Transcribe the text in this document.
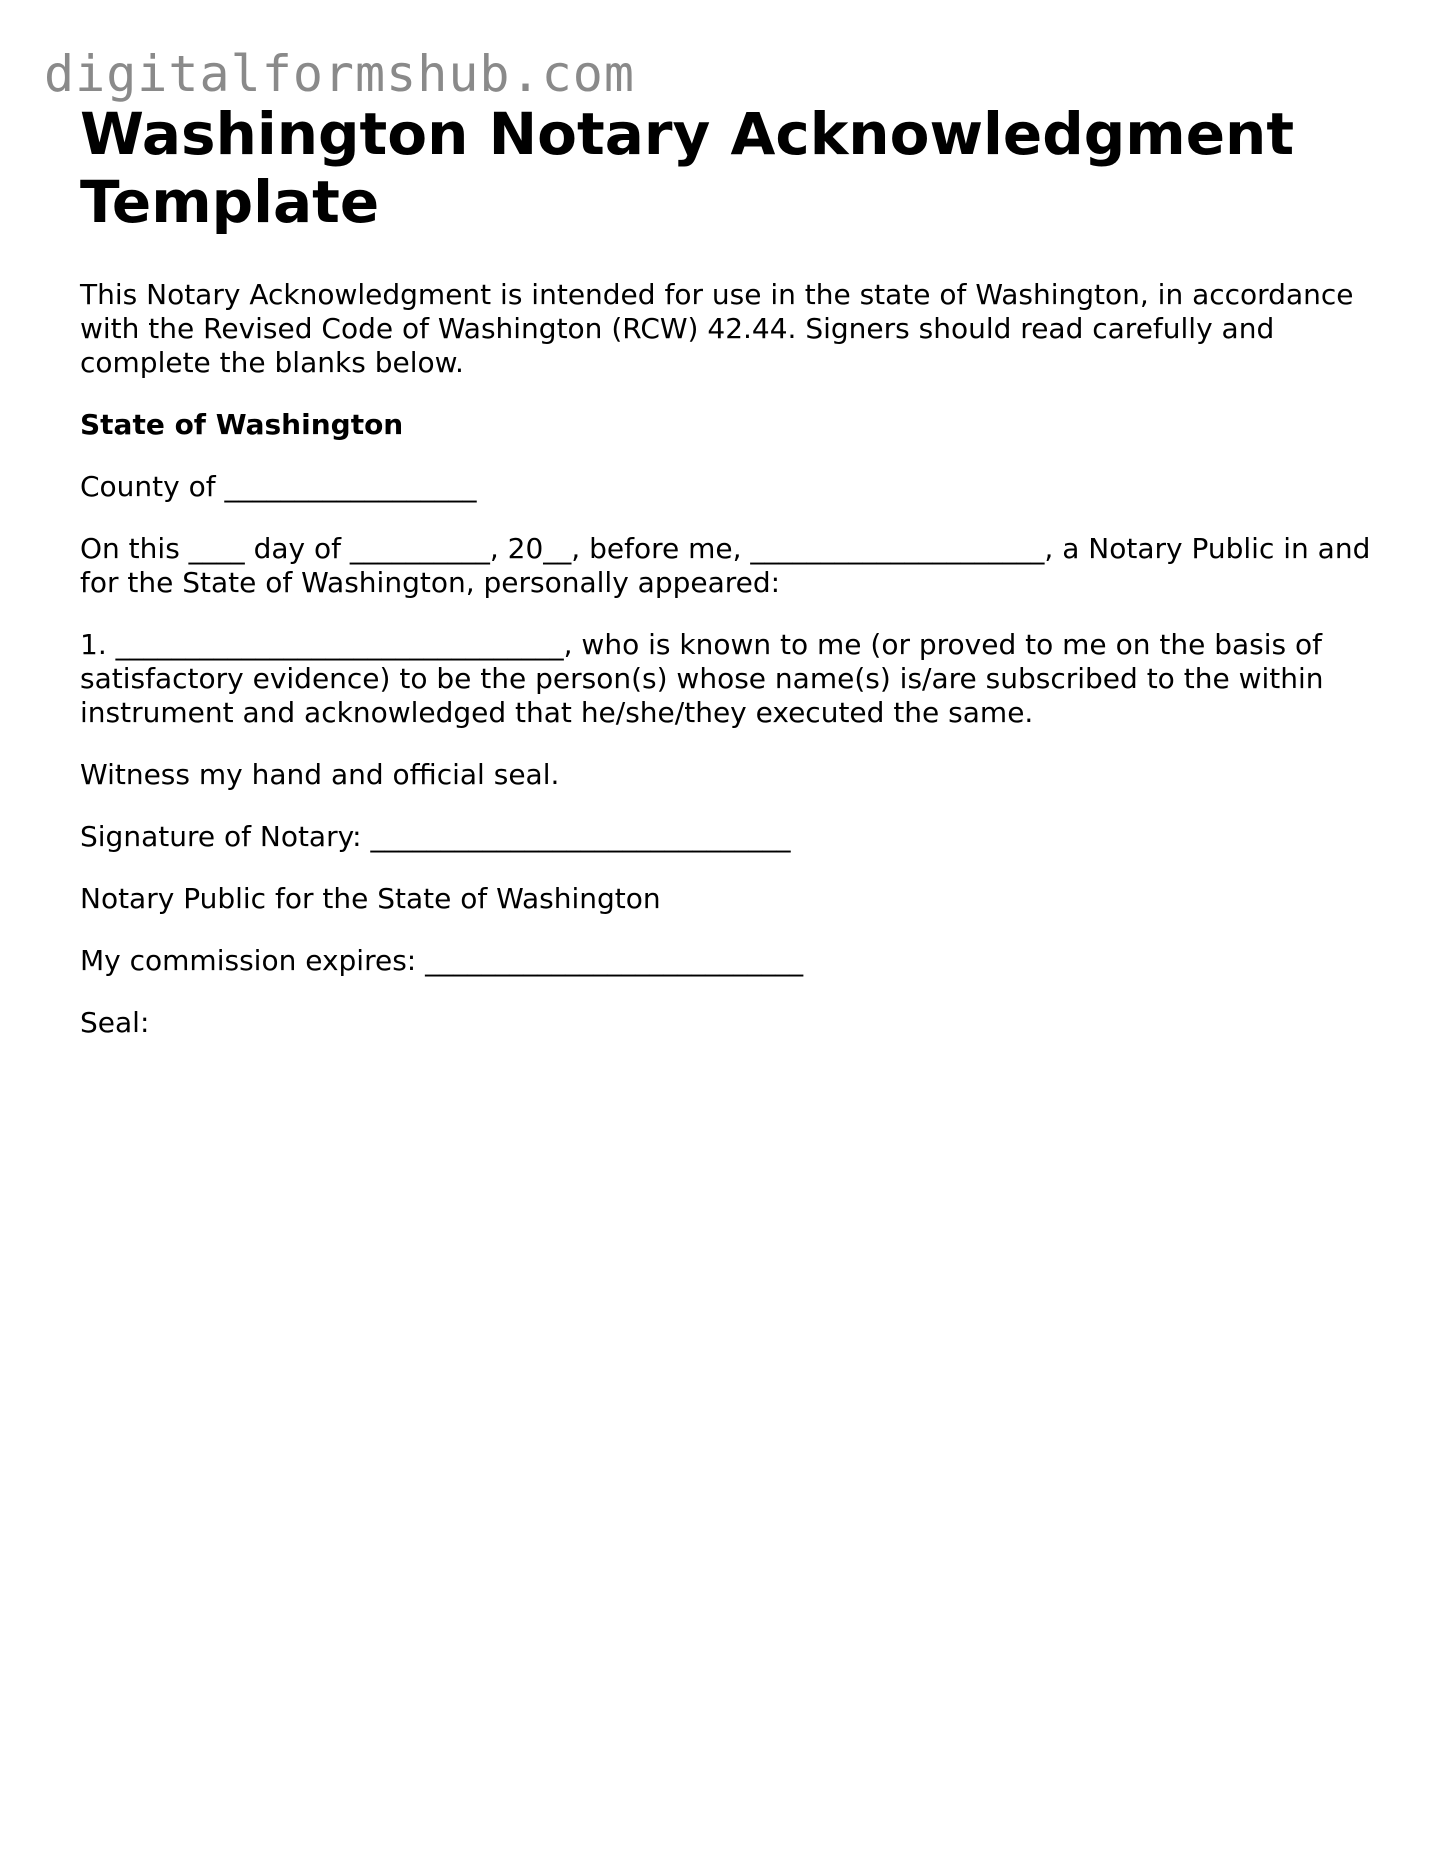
digitalformshub.com
Washington Notary Acknowledgment Template

This Notary Acknowledgment is intended for use in the state of Washington, in accordance with the Revised Code of Washington (RCW) 42.44. Signers should read carefully and complete the blanks below.

State of Washington

County of __________________

On this ____ day of __________, 20__, before me, _____________________, a Notary Public in and for the State of Washington, personally appeared:

1. ________________________________, who is known to me (or proved to me on the basis of satisfactory evidence) to be the person(s) whose name(s) is/are subscribed to the within instrument and acknowledged that he/she/they executed the same.

Witness my hand and official seal.

Signature of Notary: ______________________________

Notary Public for the State of Washington

My commission expires: ___________________________

Seal:
